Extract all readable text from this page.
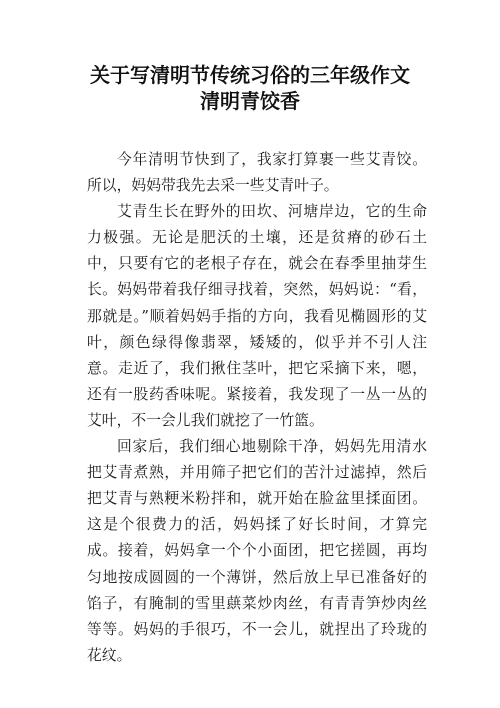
关于写清明节传统习俗的三年级作文
清明青饺香

今年清明节快到了，我家打算裹一些艾青饺。所以，妈妈带我先去采一些艾青叶子。

艾青生长在野外的田坎、河塘岸边，它的生命力极强。无论是肥沃的土壤，还是贫瘠的砂石土中，只要有它的老根子存在，就会在春季里抽芽生长。妈妈带着我仔细寻找着，突然，妈妈说：“看，那就是。”顺着妈妈手指的方向，我看见椭圆形的艾叶，颜色绿得像翡翠，矮矮的，似乎并不引人注意。走近了，我们揪住茎叶，把它采摘下来，嗯，还有一股药香味呢。紧接着，我发现了一丛一丛的艾叶，不一会儿我们就挖了一竹篮。

回家后，我们细心地剔除干净，妈妈先用清水把艾青煮熟，并用筛子把它们的苦汁过滤掉，然后把艾青与熟粳米粉拌和，就开始在脸盆里揉面团。这是个很费力的活，妈妈揉了好长时间，才算完成。接着，妈妈拿一个个小面团，把它搓圆，再均匀地按成圆圆的一个薄饼，然后放上早已准备好的馅子，有腌制的雪里蕻菜炒肉丝，有青青笋炒肉丝等等。妈妈的手很巧，不一会儿，就捏出了玲珑的花纹。
